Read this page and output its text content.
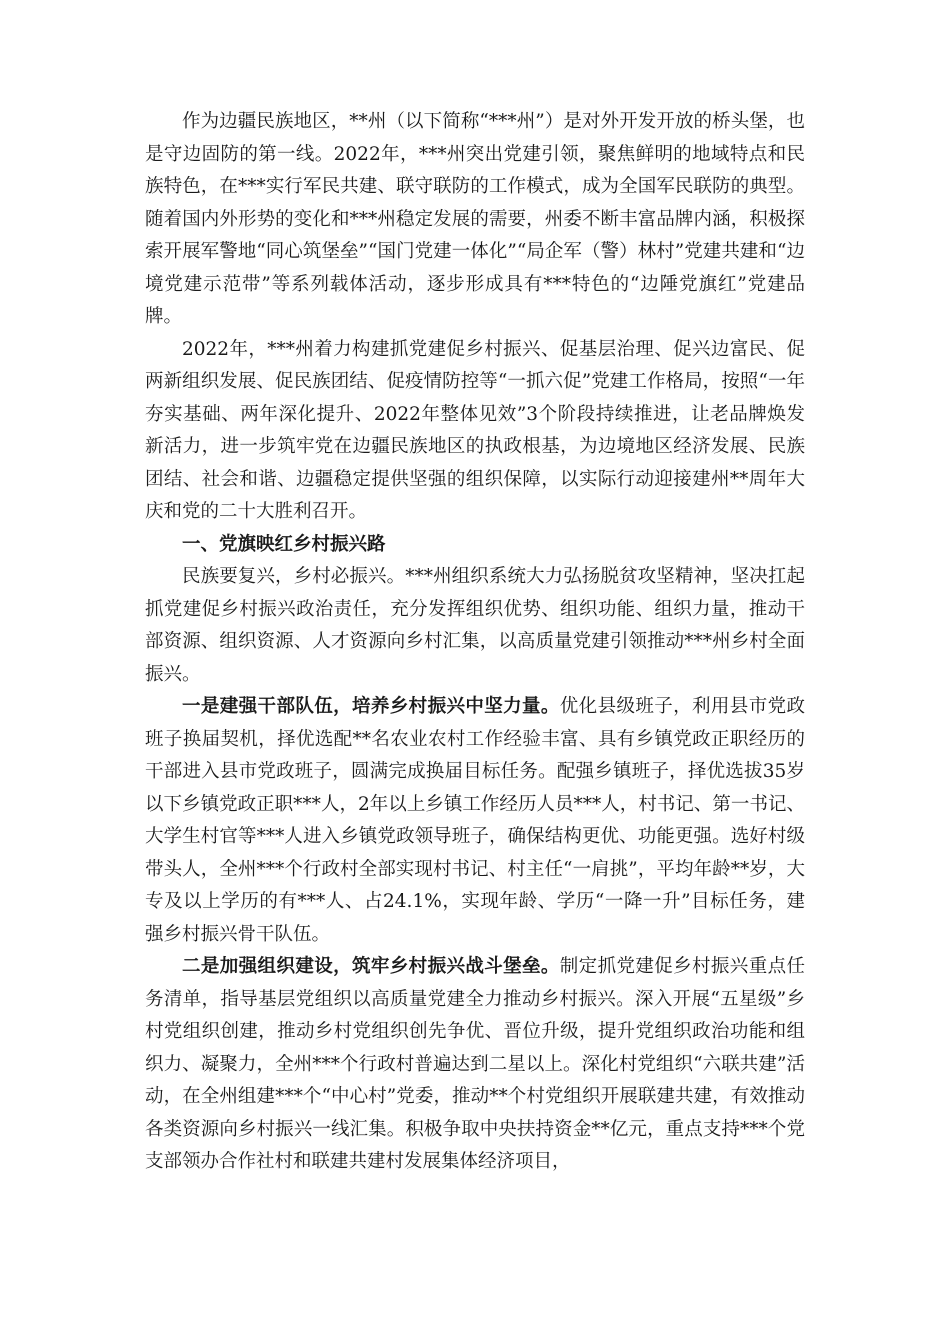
作为边疆民族地区，**州（以下简称“***州”）是对外开发开放的桥头堡，也是守边固防的第一线。2022年，***州突出党建引领，聚焦鲜明的地域特点和民族特色，在***实行军民共建、联守联防的工作模式，成为全国军民联防的典型。随着国内外形势的变化和***州稳定发展的需要，州委不断丰富品牌内涵，积极探索开展军警地“同心筑堡垒”“国门党建一体化”“局企军（警）林村”党建共建和“边境党建示范带”等系列载体活动，逐步形成具有***特色的“边陲党旗红”党建品牌。

2022年，***州着力构建抓党建促乡村振兴、促基层治理、促兴边富民、促两新组织发展、促民族团结、促疫情防控等“一抓六促”党建工作格局，按照“一年夯实基础、两年深化提升、2022年整体见效”3个阶段持续推进，让老品牌焕发新活力，进一步筑牢党在边疆民族地区的执政根基，为边境地区经济发展、民族团结、社会和谐、边疆稳定提供坚强的组织保障，以实际行动迎接建州**周年大庆和党的二十大胜利召开。

一、党旗映红乡村振兴路

民族要复兴，乡村必振兴。***州组织系统大力弘扬脱贫攻坚精神，坚决扛起抓党建促乡村振兴政治责任，充分发挥组织优势、组织功能、组织力量，推动干部资源、组织资源、人才资源向乡村汇集，以高质量党建引领推动***州乡村全面振兴。

一是建强干部队伍，培养乡村振兴中坚力量。优化县级班子，利用县市党政班子换届契机，择优选配**名农业农村工作经验丰富、具有乡镇党政正职经历的干部进入县市党政班子，圆满完成换届目标任务。配强乡镇班子，择优选拔35岁以下乡镇党政正职***人，2年以上乡镇工作经历人员***人，村书记、第一书记、大学生村官等***人进入乡镇党政领导班子，确保结构更优、功能更强。选好村级带头人，全州***个行政村全部实现村书记、村主任“一肩挑”，平均年龄**岁，大专及以上学历的有***人、占24.1%，实现年龄、学历“一降一升”目标任务，建强乡村振兴骨干队伍。

二是加强组织建设，筑牢乡村振兴战斗堡垒。制定抓党建促乡村振兴重点任务清单，指导基层党组织以高质量党建全力推动乡村振兴。深入开展“五星级”乡村党组织创建，推动乡村党组织创先争优、晋位升级，提升党组织政治功能和组织力、凝聚力，全州***个行政村普遍达到二星以上。深化村党组织“六联共建”活动，在全州组建***个“中心村”党委，推动**个村党组织开展联建共建，有效推动各类资源向乡村振兴一线汇集。积极争取中央扶持资金**亿元，重点支持***个党支部领办合作社村和联建共建村发展集体经济项目，
